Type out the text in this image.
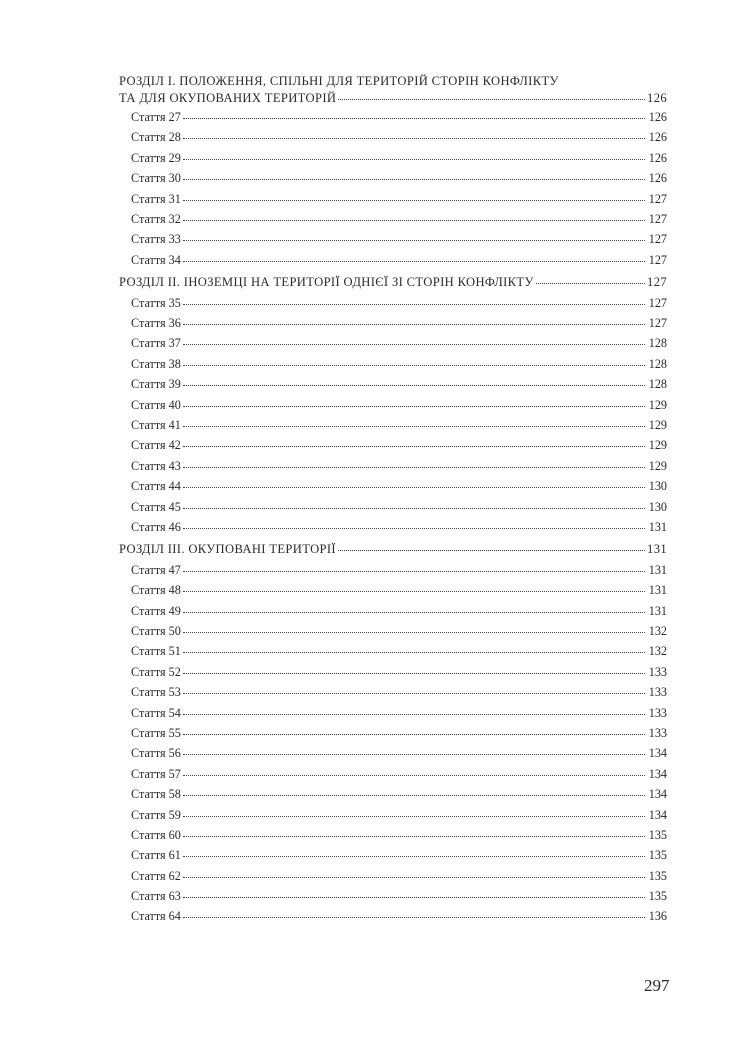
РОЗДІЛ I. ПОЛОЖЕННЯ, СПІЛЬНІ ДЛЯ ТЕРИТОРІЙ СТОРІН КОНФЛІКТУ
ТА ДЛЯ ОКУПОВАНИХ ТЕРИТОРІЙ	126
Стаття 27	126
Стаття 28	126
Стаття 29	126
Стаття 30	126
Стаття 31	127
Стаття 32	127
Стаття 33	127
Стаття 34	127
РОЗДІЛ II. ІНОЗЕМЦІ НА ТЕРИТОРІЇ ОДНІЄЇ ЗІ СТОРІН КОНФЛІКТУ	127
Стаття 35	127
Стаття 36	127
Стаття 37	128
Стаття 38	128
Стаття 39	128
Стаття 40	129
Стаття 41	129
Стаття 42	129
Стаття 43	129
Стаття 44	130
Стаття 45	130
Стаття 46	131
РОЗДІЛ III. ОКУПОВАНІ ТЕРИТОРІЇ	131
Стаття 47	131
Стаття 48	131
Стаття 49	131
Стаття 50	132
Стаття 51	132
Стаття 52	133
Стаття 53	133
Стаття 54	133
Стаття 55	133
Стаття 56	134
Стаття 57	134
Стаття 58	134
Стаття 59	134
Стаття 60	135
Стаття 61	135
Стаття 62	135
Стаття 63	135
Стаття 64	136
297
